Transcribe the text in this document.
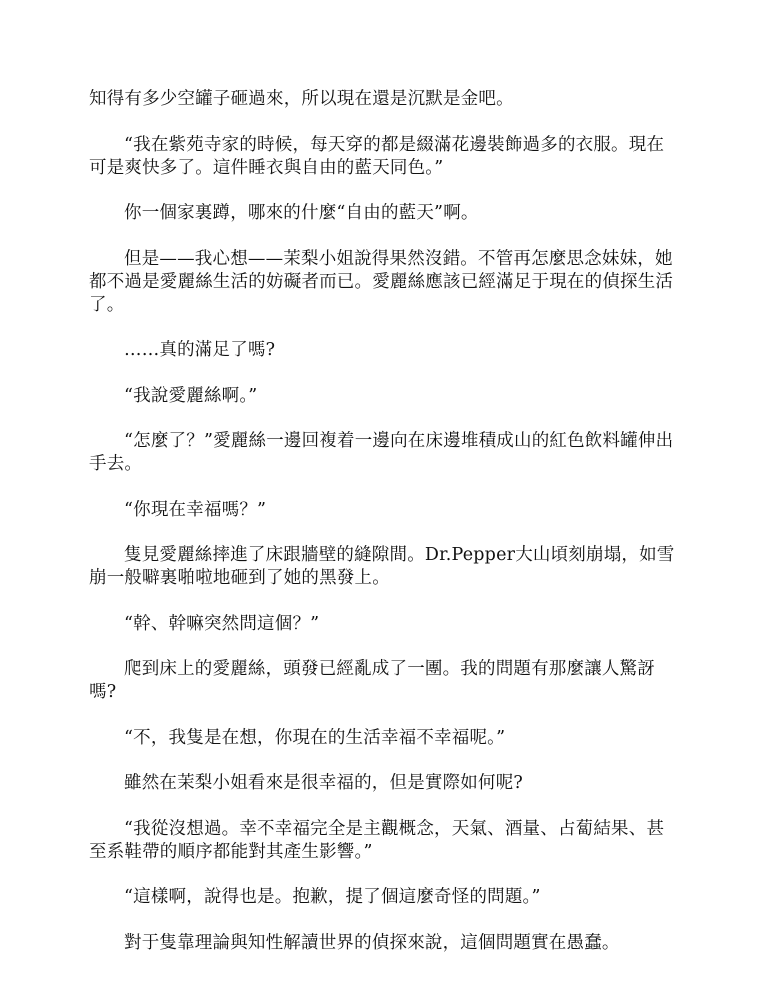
知得有多少空罐子砸過來，所以現在還是沉默是金吧。

“我在紫苑寺家的時候，每天穿的都是綴滿花邊裝飾過多的衣服。現在可是爽快多了。這件睡衣與自由的藍天同色。”

你一個家裏蹲，哪來的什麼“自由的藍天”啊。

但是——我心想——茉梨小姐說得果然沒錯。不管再怎麼思念妹妹，她都不過是愛麗絲生活的妨礙者而已。愛麗絲應該已經滿足于現在的偵探生活了。

……真的滿足了嗎?

“我說愛麗絲啊。”

“怎麼了？”愛麗絲一邊回複着一邊向在床邊堆積成山的紅色飲料罐伸出手去。

“你現在幸福嗎？”

隻見愛麗絲摔進了床跟牆壁的縫隙間。Dr.Pepper大山頃刻崩塌，如雪崩一般噼裏啪啦地砸到了她的黑發上。

“幹、幹嘛突然問這個？”

爬到床上的愛麗絲，頭發已經亂成了一團。我的問題有那麼讓人驚訝嗎?

“不，我隻是在想，你現在的生活幸福不幸福呢。”

雖然在茉梨小姐看來是很幸福的，但是實際如何呢?

“我從沒想過。幸不幸福完全是主觀概念，天氣、酒量、占蔔結果、甚至系鞋帶的順序都能對其產生影響。”

“這樣啊，說得也是。抱歉，提了個這麼奇怪的問題。”

對于隻靠理論與知性解讀世界的偵探來說，這個問題實在愚蠢。
